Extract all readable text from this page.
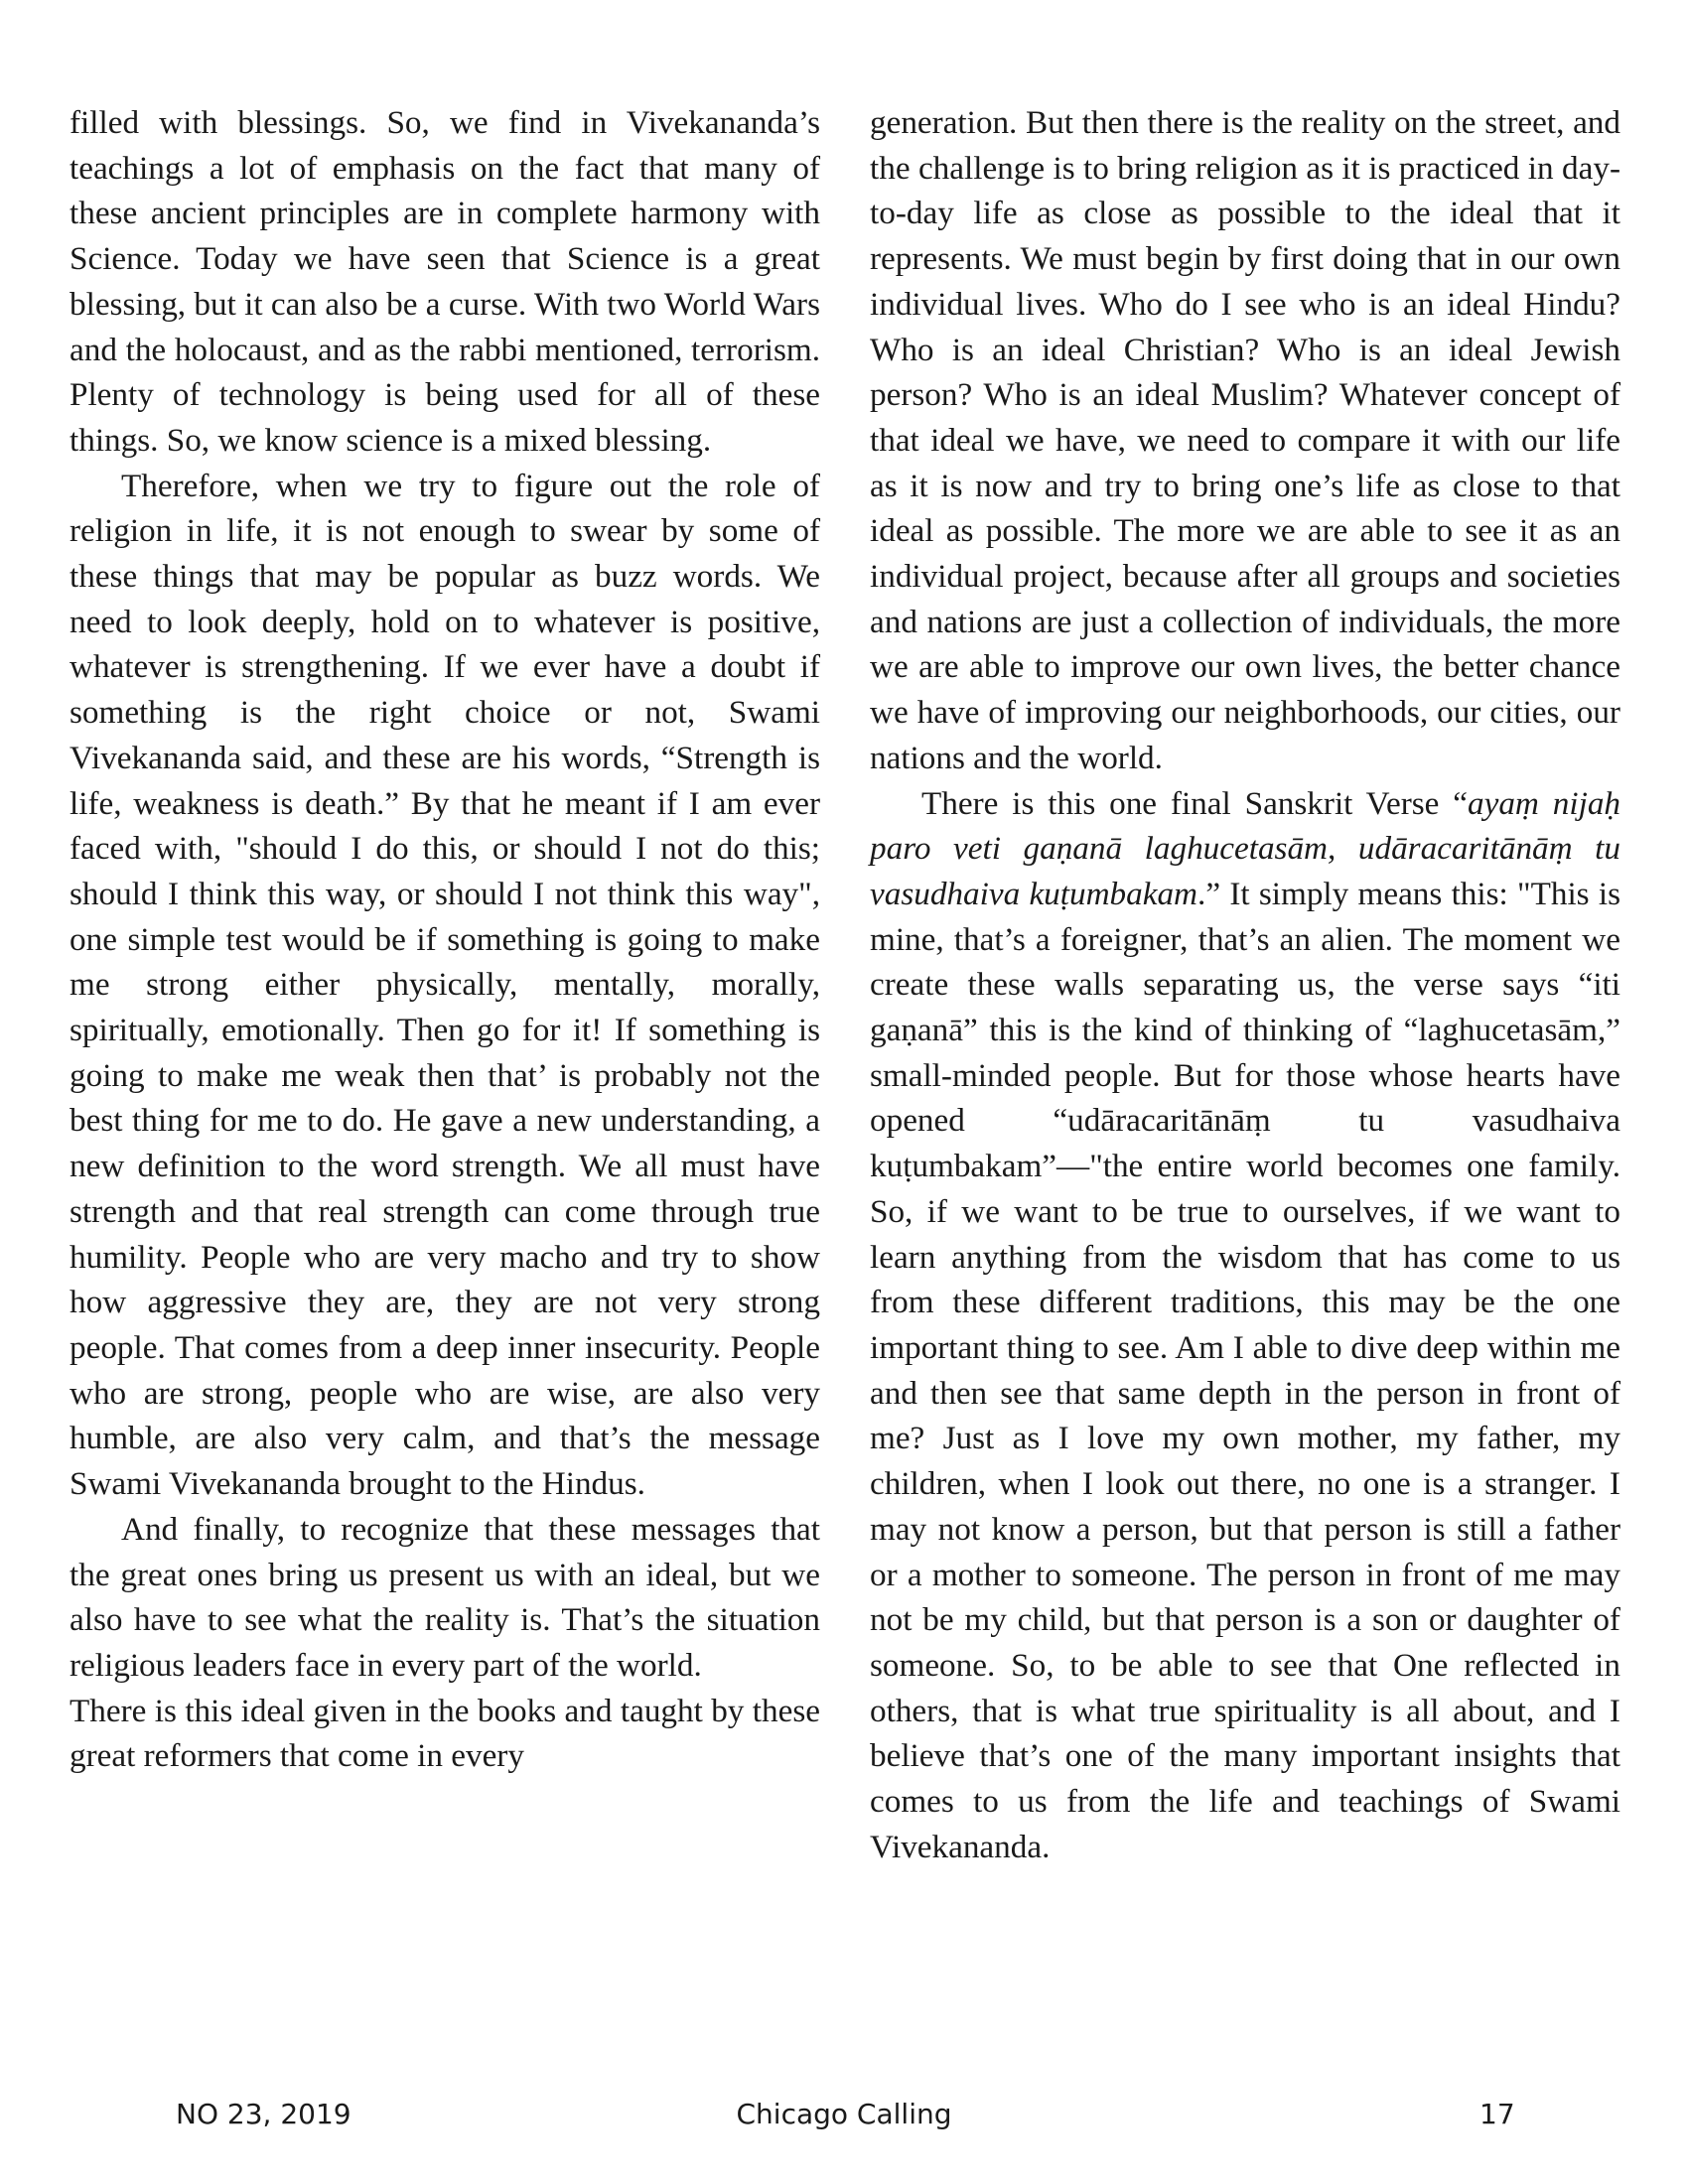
filled with blessings. So, we find in Vivekananda’s teachings a lot of emphasis on the fact that many of these ancient principles are in complete harmony with Science. Today we have seen that Science is a great blessing, but it can also be a curse. With two World Wars and the holocaust, and as the rabbi mentioned, terrorism. Plenty of technology is being used for all of these things. So, we know science is a mixed blessing.

Therefore, when we try to figure out the role of religion in life, it is not enough to swear by some of these things that may be popular as buzz words. We need to look deeply, hold on to whatever is positive, whatever is strengthening. If we ever have a doubt if something is the right choice or not, Swami Vivekananda said, and these are his words, “Strength is life, weakness is death.” By that he meant if I am ever faced with, "should I do this, or should I not do this; should I think this way, or should I not think this way", one simple test would be if something is going to make me strong either physically, mentally, morally, spiritually, emotionally. Then go for it! If something is going to make me weak then that’ is probably not the best thing for me to do. He gave a new understanding, a new definition to the word strength. We all must have strength and that real strength can come through true humility. People who are very macho and try to show how aggressive they are, they are not very strong people. That comes from a deep inner insecurity. People who are strong, people who are wise, are also very humble, are also very calm, and that’s the message Swami Vivekananda brought to the Hindus.

And finally, to recognize that these messages that the great ones bring us present us with an ideal, but we also have to see what the reality is. That’s the situation religious leaders face in every part of the world.

There is this ideal given in the books and taught by these great reformers that come in every

generation. But then there is the reality on the street, and the challenge is to bring religion as it is practiced in day-to-day life as close as possible to the ideal that it represents. We must begin by first doing that in our own individual lives. Who do I see who is an ideal Hindu? Who is an ideal Christian? Who is an ideal Jewish person? Who is an ideal Muslim? Whatever concept of that ideal we have, we need to compare it with our life as it is now and try to bring one’s life as close to that ideal as possible. The more we are able to see it as an individual project, because after all groups and societies and nations are just a collection of individuals, the more we are able to improve our own lives, the better chance we have of improving our neighborhoods, our cities, our nations and the world.

There is this one final Sanskrit Verse “ayaṃ nijaḥ paro veti gaṇanā laghucetasām, udāracaritānāṃ tu vasudhaiva kuṭumbakam.” It simply means this: "This is mine, that’s a foreigner, that’s an alien. The moment we create these walls separating us, the verse says “iti gaṇanā” this is the kind of thinking of “laghucetasām,” small-minded people. But for those whose hearts have opened “udāracaritānāṃ tu vasudhaiva kuṭumbakam”—"the entire world becomes one family. So, if we want to be true to ourselves, if we want to learn anything from the wisdom that has come to us from these different traditions, this may be the one important thing to see. Am I able to dive deep within me and then see that same depth in the person in front of me? Just as I love my own mother, my father, my children, when I look out there, no one is a stranger. I may not know a person, but that person is still a father or a mother to someone. The person in front of me may not be my child, but that person is a son or daughter of someone. So, to be able to see that One reflected in others, that is what true spirituality is all about, and I believe that’s one of the many important insights that comes to us from the life and teachings of Swami Vivekananda.

NO 23, 2019	Chicago Calling	17
